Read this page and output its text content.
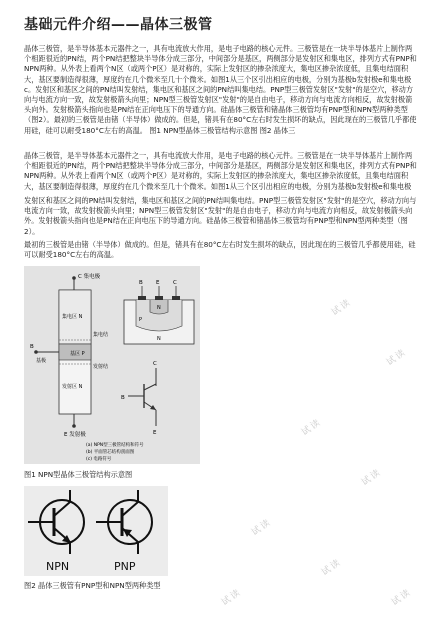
基础元件介绍——晶体三极管
晶体三极管，是半导体基本元器件之一，具有电流放大作用，是电子电路的核心元件。三极管是在一块半导体基片上制作两个相距很近的PN结，两个PN结把整块半导体分成三部分，中间部分是基区，两侧部分是发射区和集电区，排列方式有PNP和NPN两种。从外表上看两个N区（或两个P区）是对称的，实际上发射区的掺杂浓度大，集电区掺杂浓度低，且集电结面积大，基区要制造得很薄，厚度约在几个微米至几十个微米。如图1从三个区引出相应的电极，分别为基极b发射极e和集电极c。发射区和基区之间的PN结叫发射结，集电区和基区之间的PN结叫集电结。PNP型三极管发射区"发射"的是空穴，移动方向与电流方向一致，故发射极箭头向里；NPN型三极管发射区"发射"的是自由电子，移动方向与电流方向相反，故发射极箭头向外。发射极箭头指向也是PN结在正向电压下的导通方向。硅晶体三极管和锗晶体三极管均有PNP型和NPN型两种类型（图2）。最初的三极管是由锗（半导体）做成的。但是，锗具有在80°C左右时发生损坏的缺点，因此现在的三极管几乎都使用硅，硅可以耐受180°C左右的高温。 图1 NPN型晶体三极管结构示意图 图2 晶体三
晶体三极管，是半导体基本元器件之一，具有电流放大作用，是电子电路的核心元件。三极管是在一块半导体基片上制作两个相距很近的PN结，两个PN结把整块半导体分成三部分，中间部分是基区，两侧部分是发射区和集电区，排列方式有PNP和NPN两种。从外表上看两个N区（或两个P区）是对称的，实际上发射区的掺杂浓度大，集电区掺杂浓度低，且集电结面积大，基区要制造得很薄，厚度约在几个微米至几十个微米。如图1从三个区引出相应的电极，分别为基极b发射极e和集电极
发射区和基区之间的PN结叫发射结，集电区和基区之间的PN结叫集电结。PNP型三极管发射区"发射"的是空穴，移动方向与电流方向一致，故发射极箭头向里；NPN型三极管发射区"发射"的是自由电子，移动方向与电流方向相反，故发射极箭头向外。发射极箭头指向也是PN结在正向电压下的导通方向。硅晶体三极管和锗晶体三极管均有PNP型和NPN型两种类型（图2）。
最初的三极管是由锗（半导体）做成的。但是，锗具有在80°C左右时发生损坏的缺点，因此现在的三极管几乎都使用硅，硅可以耐受180°C左右的高温。
C 集电极
集电区 N
集电结
基区 P
B
基极
发射结
发射区 N
E 发射极
B E C
N
P
N
C
B
E
(a) NPN型三极管结构和符号
(b) 平面管芯结构剖面图
(c) 电路符号
图1 NPN型晶体三极管结构示意图
NPN	PNP
图2 晶体三极管有PNP型和NPN型两种类型
试读
试读
试读
试读
试读
试读
试读
试读
